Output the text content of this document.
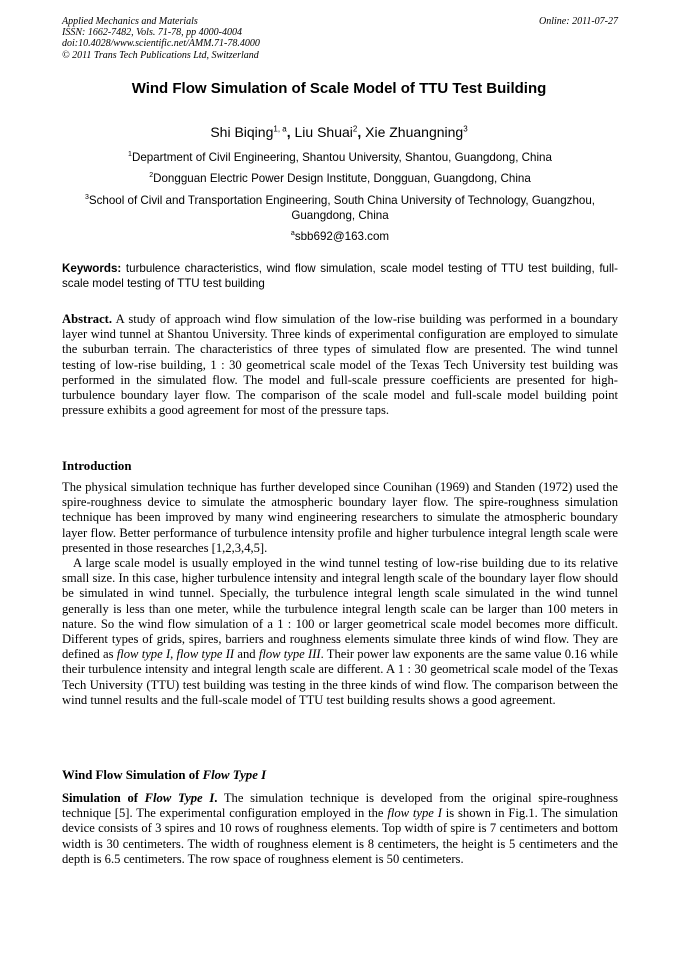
Applied Mechanics and Materials
ISSN: 1662-7482, Vols. 71-78, pp 4000-4004
doi:10.4028/www.scientific.net/AMM.71-78.4000
© 2011 Trans Tech Publications Ltd, Switzerland
Online: 2011-07-27
Wind Flow Simulation of Scale Model of TTU Test Building
Shi Biqing$^{1, a}$, Liu Shuai$^2$, Xie Zhuangning$^3$
$^1$Department of Civil Engineering, Shantou University, Shantou, Guangdong, China
$^2$Dongguan Electric Power Design Institute, Dongguan, Guangdong, China
$^3$School of Civil and Transportation Engineering, South China University of Technology, Guangzhou, Guangdong, China
$^a$sbb692@163.com
Keywords: turbulence characteristics, wind flow simulation, scale model testing of TTU test building, full-scale model testing of TTU test building

Abstract. A study of approach wind flow simulation of the low-rise building was performed in a boundary layer wind tunnel at Shantou University. Three kinds of experimental configuration are employed to simulate the suburban terrain. The characteristics of three types of simulated flow are presented. The wind tunnel testing of low-rise building, 1 : 30 geometrical scale model of the Texas Tech University test building was performed in the simulated flow. The model and full-scale pressure coefficients are presented for high-turbulence boundary layer flow. The comparison of the scale model and full-scale model building point pressure exhibits a good agreement for most of the pressure taps.

Introduction

The physical simulation technique has further developed since Counihan (1969) and Standen (1972) used the spire-roughness device to simulate the atmospheric boundary layer flow. The spire-roughness simulation technique has been improved by many wind engineering researchers to simulate the atmospheric boundary layer flow. Better performance of turbulence intensity profile and higher turbulence integral length scale were presented in those researches [1,2,3,4,5].

A large scale model is usually employed in the wind tunnel testing of low-rise building due to its relative small size. In this case, higher turbulence intensity and integral length scale of the boundary layer flow should be simulated in wind tunnel. Specially, the turbulence integral length scale simulated in the wind tunnel generally is less than one meter, while the turbulence integral length scale can be larger than 100 meters in nature. So the wind flow simulation of a 1 : 100 or larger geometrical scale model becomes more difficult. Different types of grids, spires, barriers and roughness elements simulate three kinds of wind flow. They are defined as flow type I, flow type II and flow type III. Their power law exponents are the same value 0.16 while their turbulence intensity and integral length scale are different. A 1 : 30 geometrical scale model of the Texas Tech University (TTU) test building was testing in the three kinds of wind flow. The comparison between the wind tunnel results and the full-scale model of TTU test building results shows a good agreement.

Wind Flow Simulation of Flow Type I

Simulation of Flow Type I. The simulation technique is developed from the original spire-roughness technique [5]. The experimental configuration employed in the flow type I is shown in Fig.1. The simulation device consists of 3 spires and 10 rows of roughness elements. Top width of spire is 7 centimeters and bottom width is 30 centimeters. The width of roughness element is 8 centimeters, the height is 5 centimeters and the depth is 6.5 centimeters. The row space of roughness element is 50 centimeters.
